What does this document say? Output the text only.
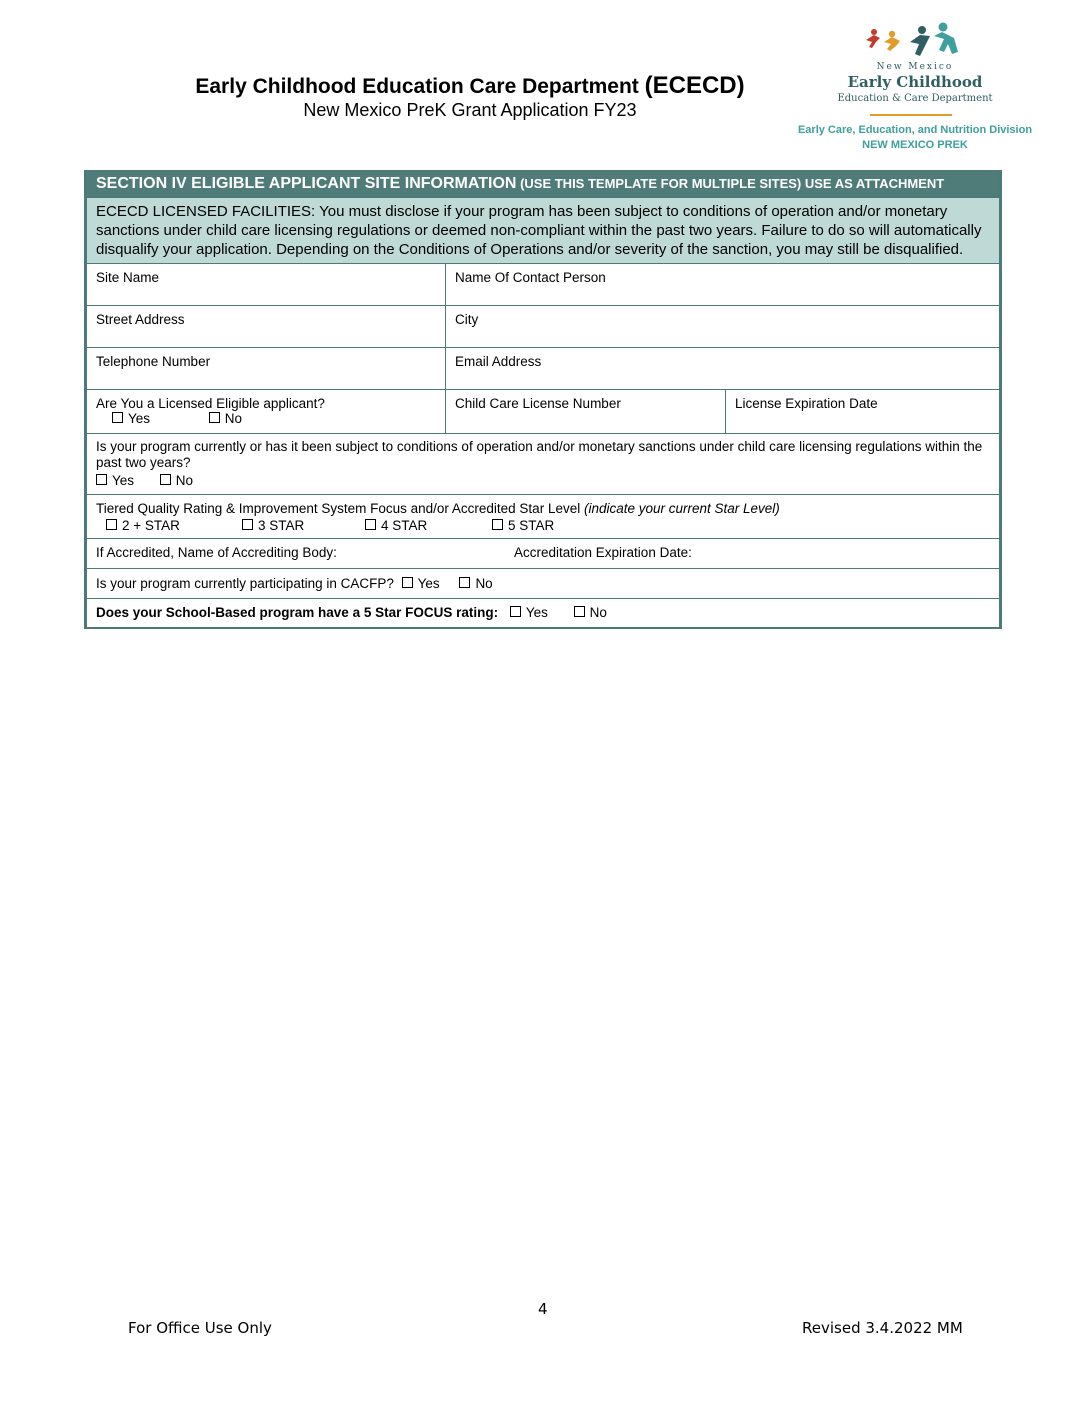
Early Childhood Education Care Department (ECECD)
New Mexico PreK Grant Application FY23
New Mexico
Early Childhood
Education & Care Department
Early Care, Education, and Nutrition Division
NEW MEXICO PREK
SECTION IV ELIGIBLE APPLICANT SITE INFORMATION (USE THIS TEMPLATE FOR MULTIPLE SITES) USE AS ATTACHMENT
ECECD LICENSED FACILITIES: You must disclose if your program has been subject to conditions of operation and/or monetary sanctions under child care licensing regulations or deemed non-compliant within the past two years. Failure to do so will automatically disqualify your application. Depending on the Conditions of Operations and/or severity of the sanction, you may still be disqualified.
Site Name	Name Of Contact Person
Street Address	City
Telephone Number	Email Address
Are You a Licensed Eligible applicant?
Yes	No
Child Care License Number	License Expiration Date
Is your program currently or has it been subject to conditions of operation and/or monetary sanctions under child care licensing regulations within the past two years?
Yes	No
Tiered Quality Rating & Improvement System Focus and/or Accredited Star Level (indicate your current Star Level)
2 + STAR	3 STAR	4 STAR	5 STAR
If Accredited, Name of Accrediting Body:	Accreditation Expiration Date:
Is your program currently participating in CACFP? Yes	No
Does your School-Based program have a 5 Star FOCUS rating: Yes	No
4
For Office Use Only	Revised 3.4.2022 MM
